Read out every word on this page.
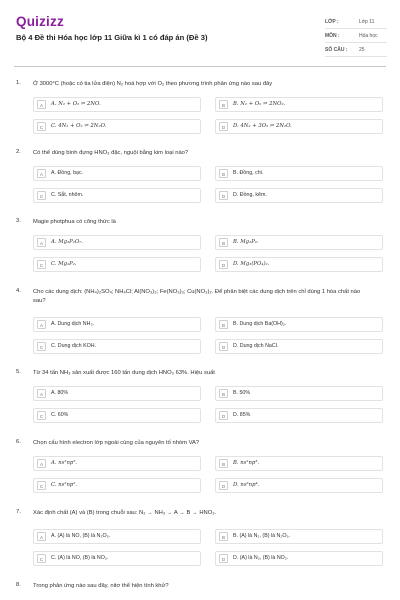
Quizizz
Bộ 4 Đề thi Hóa học lớp 11 Giữa kì 1 có đáp án (Đề 3)
LỚP :	Lớp 11
MÔN :	Hóa học
SỐ CÂU :	25
1. Ở 3000°C (hoặc có tia lửa điện) N₂ hoá hợp với O₂ theo phương trình phản ứng nào sau đây
A	A. N₂ + O₂ ⇌ 2NO.	B	B. N₂ + O₂ ⇌ 2NO₂.
C	C. 4N₂ + O₂ ⇌ 2N₂O.	D	D. 4N₂ + 3O₂ ⇌ 2N₂O.
2. Có thể dùng bình đựng HNO₃ đặc, nguội bằng kim loại nào?
A	A. Đồng, bạc.	B	B. Đồng, chì.
C	C. Sắt, nhôm.	D	D. Đồng, kẽm.
3. Magie photphua có công thức là
A	A. Mg₃P₂O₇.	B	B. Mg₃P₂.
C	C. Mg₂P₂.	D	D. Mg₃(PO₄)₂.
4. Cho các dung dịch: (NH₄)₂SO₄; NH₄Cl; Al(NO₃)₃; Fe(NO₃)₃; Cu(NO₃)₂. Để phân biệt các dung dịch trên chỉ dùng 1 hóa chất nào sau?
A	A. Dung dịch NH₃.	B	B. Dung dịch Ba(OH)₂.
C	C. Dung dịch KOH.	D	D. Dung dịch NaCl.
5. Từ 34 tấn NH₃ sản xuất được 160 tấn dung dịch HNO₃ 63%. Hiệu suất
A	A. 80%	B	B. 50%
C	C. 60%	D	D. 85%
6. Chọn cấu hình electron lớp ngoài cùng của nguyên tố nhóm VA?
A	A. ns²np⁵.	B	B. ns²np³.
C	C. ns²np².	D	D. ns²np⁴.
7. Xác định chất (A) và (B) trong chuỗi sau: N₂ → NH₃ → A → B → HNO₃.
A	A. (A) là NO, (B) là N₂O₅.	B	B. (A) là N₂, (B) là N₂O₅.
C	C. (A) là NO, (B) là NO₂.	D	D. (A) là N₂, (B) là NO₂.
8. Trong phản ứng nào sau đây, nitơ thể hiện tính khử?
